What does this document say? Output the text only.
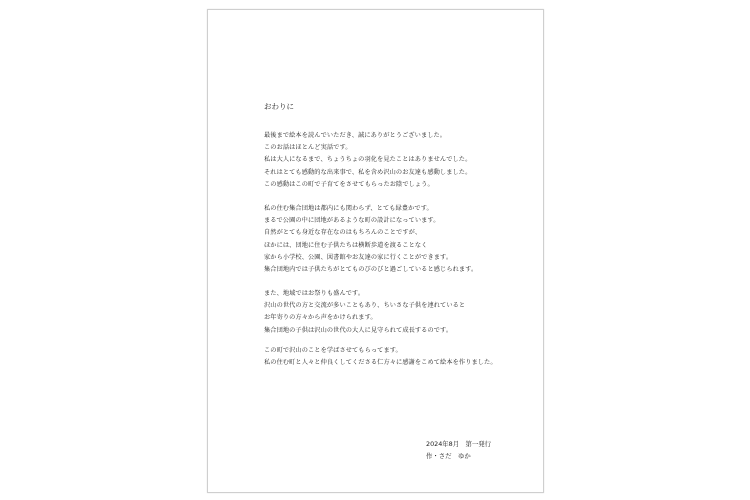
おわりに
最後まで絵本を読んでいただき、誠にありがとうございました。
このお話はほとんど実話です。
私は大人になるまで、ちょうちょの羽化を見たことはありませんでした。
それはとても感動的な出来事で、私を含め沢山のお友達も感動しました。
この感動はこの町で子育てをさせてもらったお陰でしょう。
私の住む集合団地は都内にも関わらず、とても緑豊かです。
まるで公園の中に団地があるような町の設計になっています。
自然がとても身近な存在なのはもちろんのことですが、
ほかには、団地に住む子供たちは横断歩道を渡ることなく
家から小学校、公園、図書館やお友達の家に行くことができます。
集合団地内では子供たちがとてものびのびと過ごしていると感じられます。
また、地域ではお祭りも盛んです。
沢山の世代の方と交流が多いこともあり、ちいさな子供を連れていると
お年寄りの方々から声をかけられます。
集合団地の子供は沢山の世代の大人に見守られて成長するのです。
この町で沢山のことを学ばさせてもらってます。
私の住む町と人々と仲良くしてくださる仁方々に感謝をこめて絵本を作りました。
2024年8月　第一発行
作・さだ　ゆか
